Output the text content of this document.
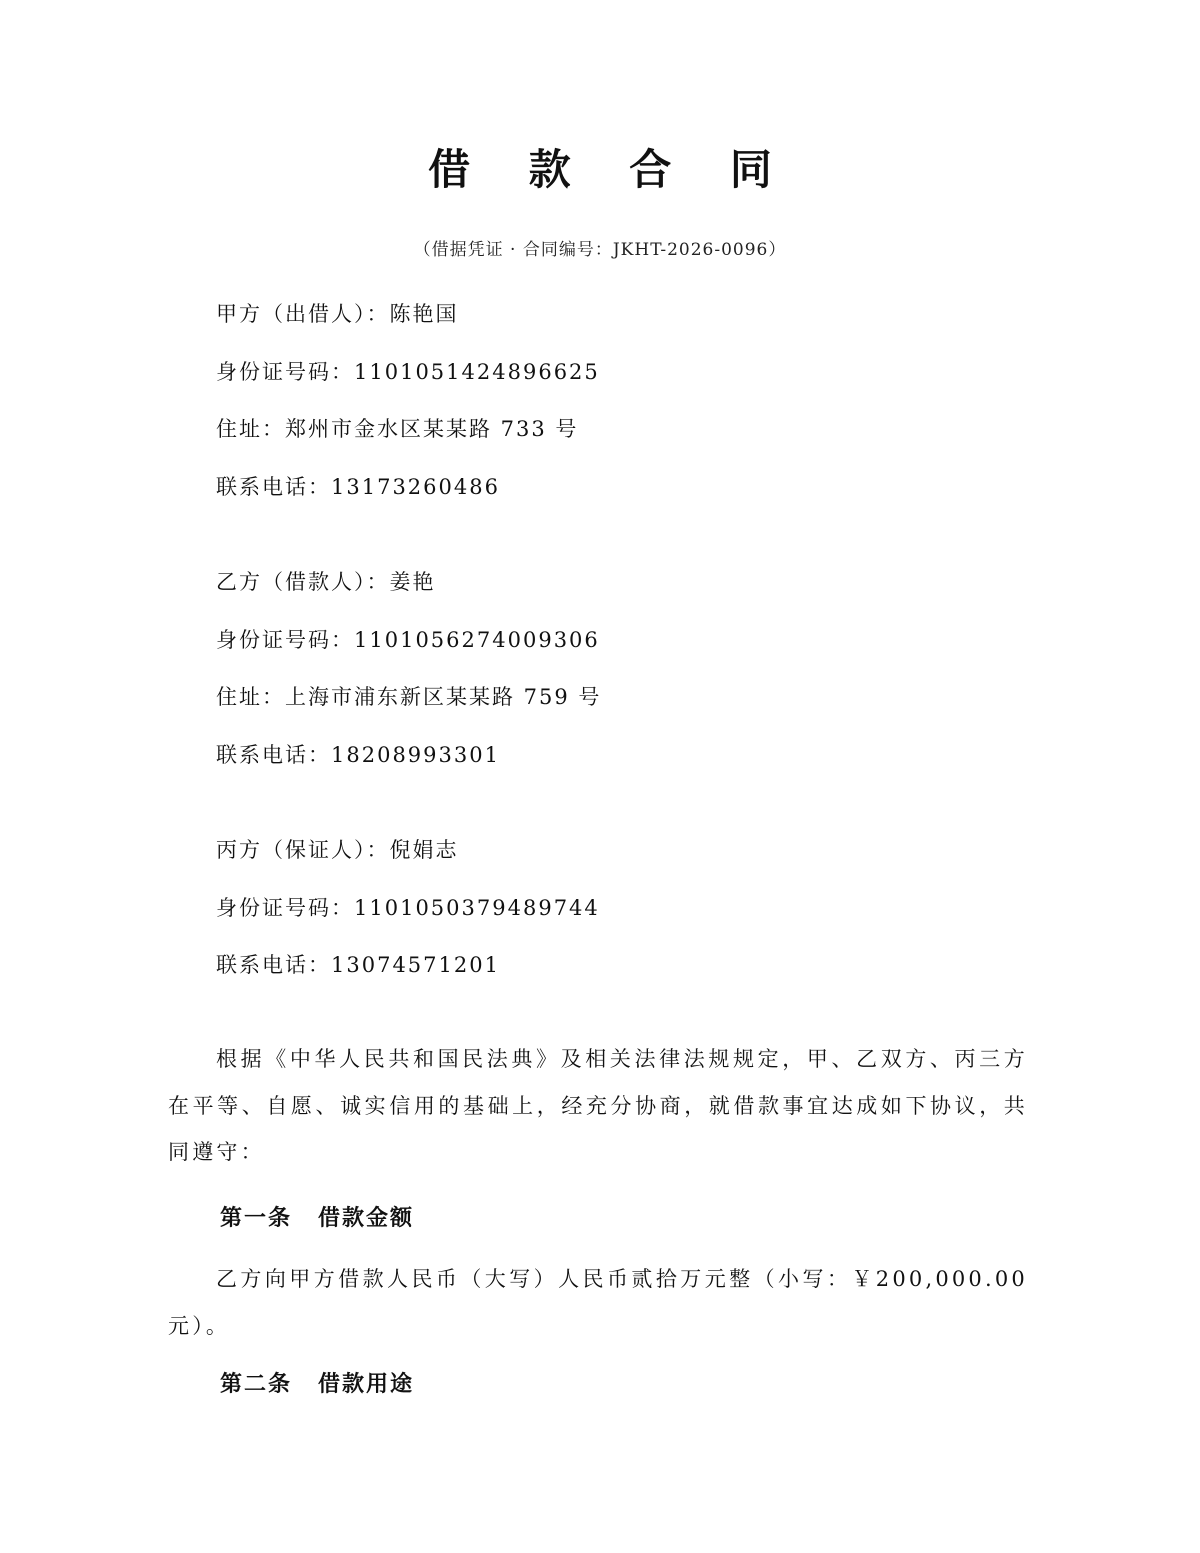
借 款 合 同
（借据凭证 · 合同编号：JKHT-2026-0096）
甲方（出借人）：陈艳国
身份证号码：1101051424896625
住址：郑州市金水区某某路 733 号
联系电话：13173260486
乙方（借款人）：姜艳
身份证号码：1101056274009306
住址：上海市浦东新区某某路 759 号
联系电话：18208993301
丙方（保证人）：倪娟志
身份证号码：1101050379489744
联系电话：13074571201
根据《中华人民共和国民法典》及相关法律法规规定，甲、乙双方、丙三方在平等、自愿、诚实信用的基础上，经充分协商，就借款事宜达成如下协议，共同遵守：
第一条 借款金额
乙方向甲方借款人民币（大写）人民币贰拾万元整（小写：￥200,000.00元）。
第二条 借款用途
